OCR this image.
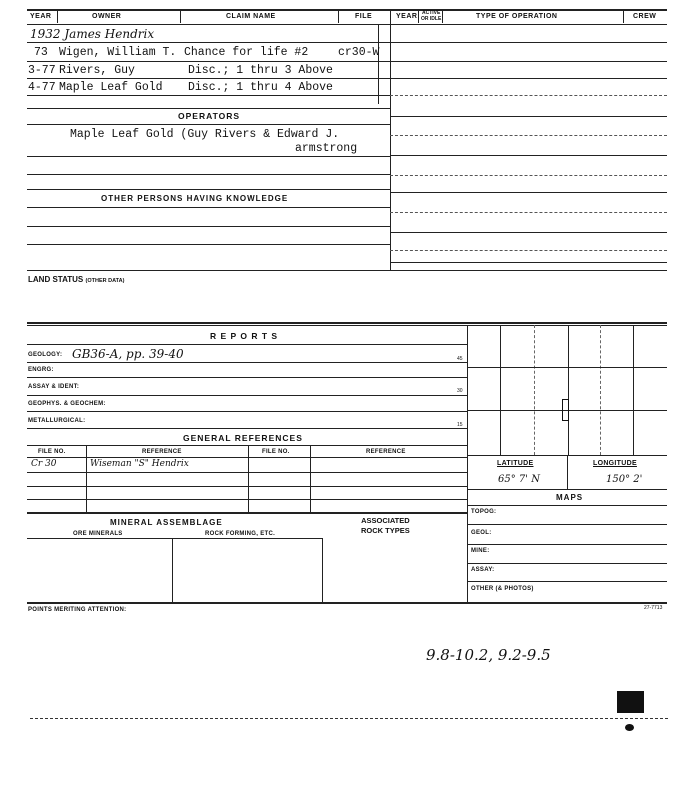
YEAR	OWNER	CLAIM NAME	FILE	YEAR ACTIVE
OR IDLE	TYPE OF OPERATION	CREW
1932 James Hendrix
73 Wigen, William T. Chance for life #2	cr30-W
3-77 Rivers, Guy	Disc.; 1 thru 3 Above
4-77 Maple Leaf Gold Disc.; 1 thru 4 Above
OPERATORS
Maple Leaf Gold (Guy Rivers & Edward J.
armstrong
OTHER PERSONS HAVING KNOWLEDGE
LAND STATUS (OTHER DATA)
R E P O R T S
GEOLOGY: GB36-A, pp. 39-40	45
ENGRG:
ASSAY & IDENT:
30
GEOPHYS. & GEOCHEM:
METALLURGICAL:
15
GENERAL REFERENCES
FILE NO.	REFERENCE	FILE NO.	REFERENCE
Cr 30	Wiseman "S" Hendrix
MINERAL ASSEMBLAGE
ORE MINERALS	ROCK FORMING, ETC.
ASSOCIATED
ROCK TYPES
LATITUDE	LONGITUDE
65° 7' N	150° 2'
MAPS
TOPOG:
GEOL:
MINE:
ASSAY:
OTHER (& PHOTOS)
POINTS MERITING ATTENTION:	27-7713
9.8-10.2, 9.2-9.5
